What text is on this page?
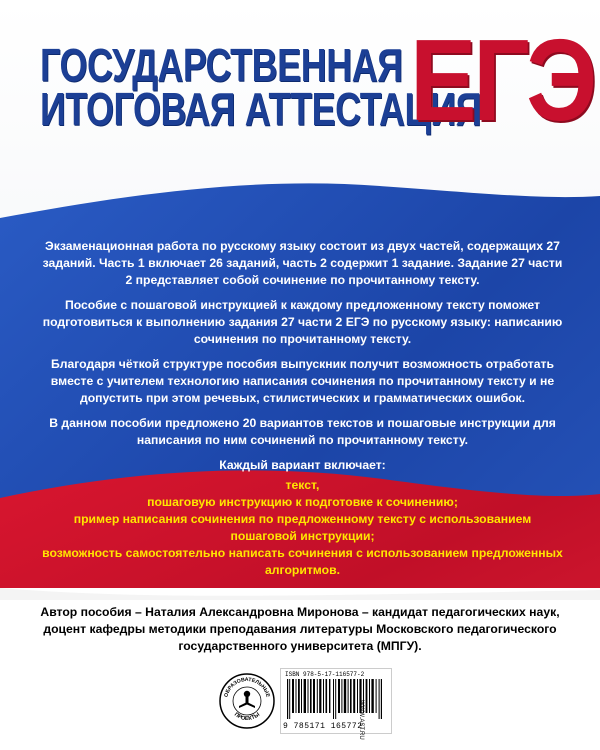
ГОСУДАРСТВЕННАЯ
ИТОГОВАЯ АТТЕСТАЦИЯ
ЕГЭ

Экзаменационная работа по русскому языку состоит из двух частей, содержащих 27 заданий. Часть 1 включает 26 заданий, часть 2 содержит 1 задание. Задание 27 части 2 представляет собой сочинение по прочитанному тексту.

Пособие с пошаговой инструкцией к каждому предложенному тексту поможет подготовиться к выполнению задания 27 части 2 ЕГЭ по русскому языку: написанию сочинения по прочитанному тексту.

Благодаря чёткой структуре пособия выпускник получит возможность отработать вместе с учителем технологию написания сочинения по прочитанному тексту и не допустить при этом речевых, стилистических и грамматических ошибок.

В данном пособии предложено 20 вариантов текстов и пошаговые инструкции для написания по ним сочинений по прочитанному тексту.

Каждый вариант включает:

текст,
пошаговую инструкцию к подготовке к сочинению;
пример написания сочинения по предложенному тексту с использованием пошаговой инструкции;
возможность самостоятельно написать сочинения с использованием предложенных алгоритмов.
Автор пособия – Наталия Александровна Миронова – кандидат педагогических наук, доцент кафедры методики преподавания литературы Московского педагогического государственного университета (МПГУ).
ОБРАЗОВАТЕЛЬНЫЕ
ПРОЕКТЫ
ISBN 978-5-17-116577-2
9 785171 165772
WWW.AST.RU
